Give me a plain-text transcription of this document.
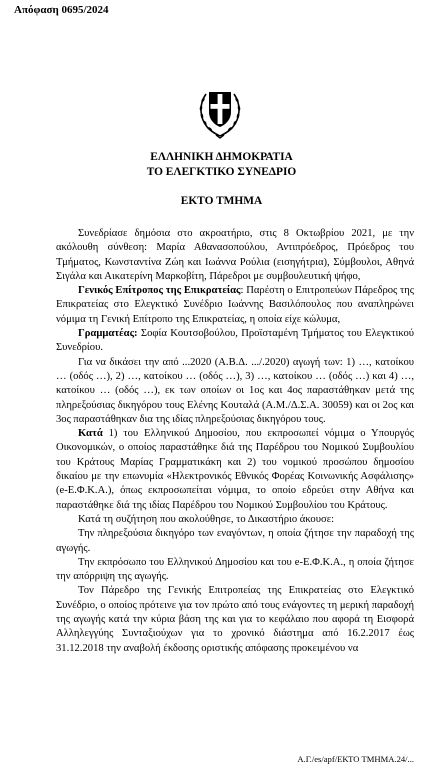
Απόφαση 0695/2024
ΕΛΛΗΝΙΚΗ ΔΗΜΟΚΡΑΤΙΑ
ΤΟ ΕΛΕΓΚΤΙΚΟ ΣΥΝΕΔΡΙΟ
ΕΚΤΟ ΤΜΗΜΑ

Συνεδρίασε δημόσια στο ακροατήριο, στις 8 Οκτωβρίου 2021, με την ακόλουθη σύνθεση: Μαρία Αθανασοπούλου, Αντιπρόεδρος, Πρόεδρος του Τμήματος, Κωνσταντίνα Ζώη και Ιωάννα Ρούλια (εισηγήτρια), Σύμβουλοι, Αθηνά Σιγάλα και Αικατερίνη Μαρκοβίτη, Πάρεδροι με συμβουλευτική ψήφο,

Γενικός Επίτροπος της Επικρατείας: Παρέστη ο Επιτροπεύων Πάρεδρος της Επικρατείας στο Ελεγκτικό Συνέδριο Ιωάννης Βασιλόπουλος που αναπληρώνει νόμιμα τη Γενική Επίτροπο της Επικρατείας, η οποία είχε κώλυμα,

Γραμματέας: Σοφία Κουτσοβούλου, Προϊσταμένη Τμήματος του Ελεγκτικού Συνεδρίου.

Για να δικάσει την από ...2020 (Α.Β.Δ. .../.2020) αγωγή των: 1) …, κατοίκου … (οδός …), 2) …, κατοίκου … (οδός …), 3) …, κατοίκου … (οδός …) και 4) …, κατοίκου … (οδός …), εκ των οποίων οι 1ος και 4ος παραστάθηκαν μετά της πληρεξούσιας δικηγόρου τους Ελένης Κουταλά (Α.Μ./Δ.Σ.Α. 30059) και οι 2ος και 3ος παραστάθηκαν δια της ιδίας πληρεξούσιας δικηγόρου τους.

Κατά 1) του Ελληνικού Δημοσίου, που εκπροσωπεί νόμιμα ο Υπουργός Οικονομικών, ο οποίος παραστάθηκε διά της Παρέδρου του Νομικού Συμβουλίου του Κράτους Μαρίας Γραμματικάκη και 2) του νομικού προσώπου δημοσίου δικαίου με την επωνυμία «Ηλεκτρονικός Εθνικός Φορέας Κοινωνικής Ασφάλισης» (e-Ε.Φ.Κ.Α.), όπως εκπροσωπείται νόμιμα, το οποίο εδρεύει στην Αθήνα και παραστάθηκε διά της ιδίας Παρέδρου του Νομικού Συμβουλίου του Κράτους.

Κατά τη συζήτηση που ακολούθησε, το Δικαστήριο άκουσε:

Την πληρεξούσια δικηγόρο των εναγόντων, η οποία ζήτησε την παραδοχή της αγωγής.

Την εκπρόσωπο του Ελληνικού Δημοσίου και του e-Ε.Φ.Κ.Α., η οποία ζήτησε την απόρριψη της αγωγής.

Τον Πάρεδρο της Γενικής Επιτροπείας της Επικρατείας στο Ελεγκτικό Συνέδριο, ο οποίος πρότεινε για τον πρώτο από τους ενάγοντες τη μερική παραδοχή της αγωγής κατά την κύρια βάση της και για το κεφάλαιο που αφορά τη Εισφορά Αλληλεγγύης Συνταξιούχων για το χρονικό διάστημα από 16.2.2017 έως 31.12.2018 την αναβολή έκδοσης οριστικής απόφασης προκειμένου να

Α.Γ./es/apf/ΕΚΤΟ ΤΜΗΜΑ.24/...
